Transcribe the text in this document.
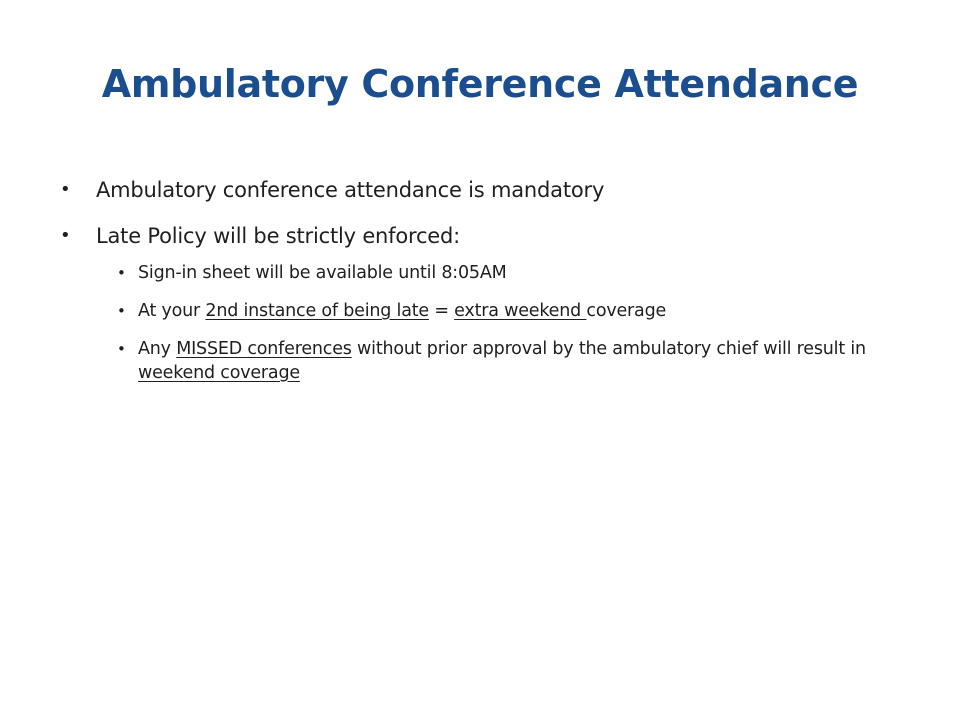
Ambulatory Conference Attendance
• Ambulatory conference attendance is mandatory
• Late Policy will be strictly enforced:
• Sign-in sheet will be available until 8:05AM
• At your 2nd instance of being late = extra weekend coverage
• Any MISSED conferences without prior approval by the ambulatory chief will result in weekend coverage
